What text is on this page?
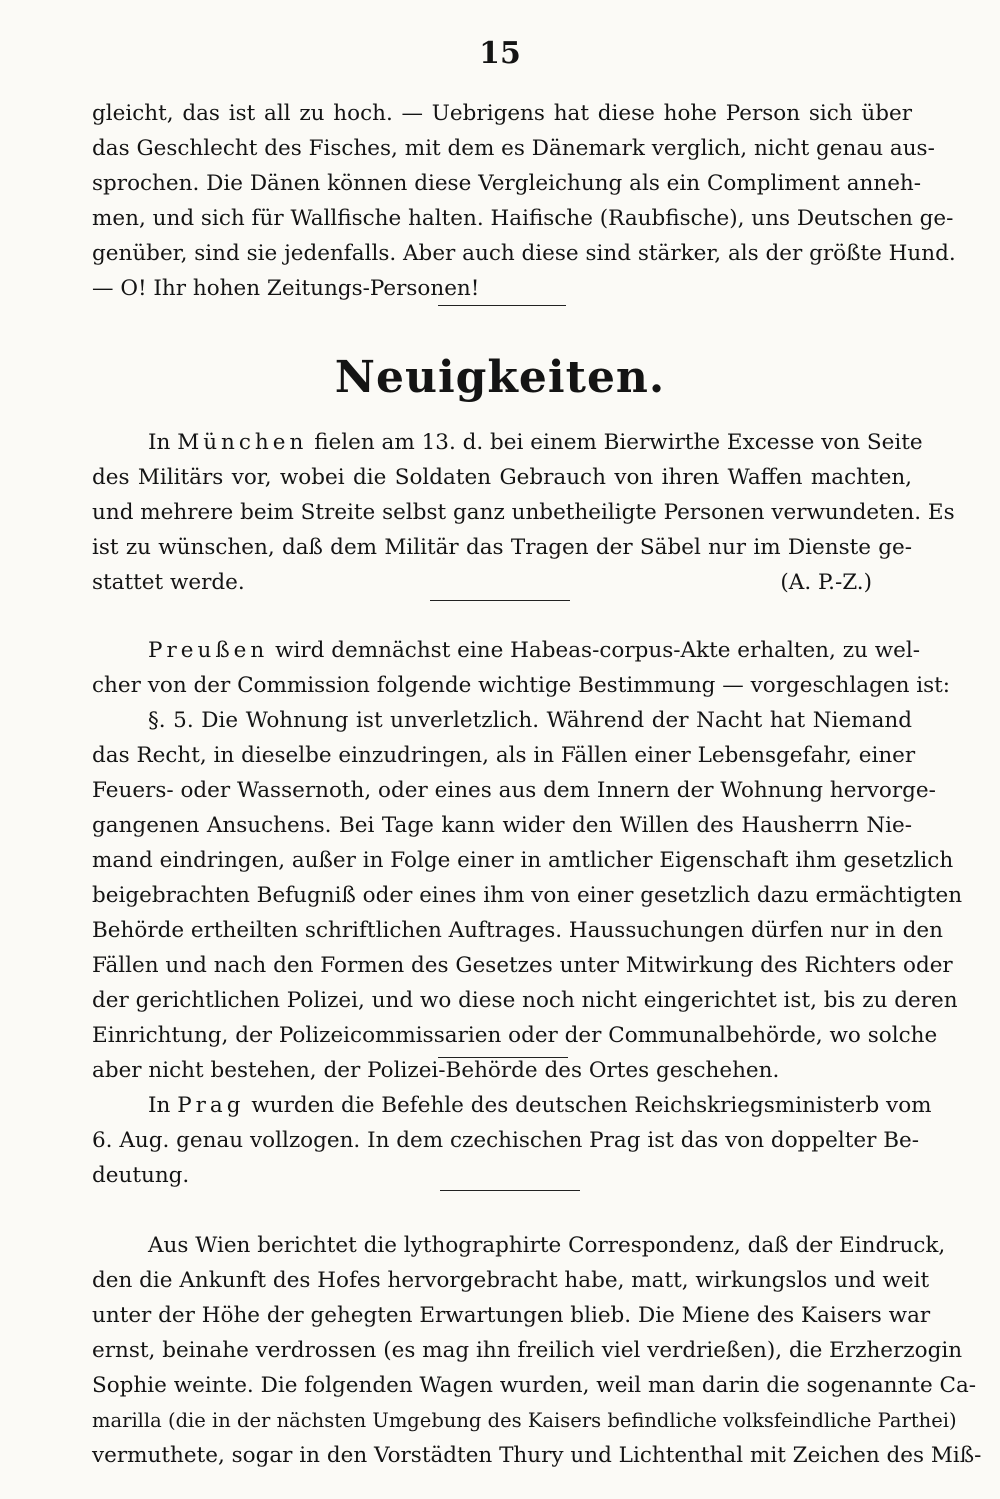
15
gleicht, das ist all zu hoch. — Uebrigens hat diese hohe Person sich über
das Geschlecht des Fisches, mit dem es Dänemark verglich, nicht genau aus-
sprochen. Die Dänen können diese Vergleichung als ein Compliment anneh-
men, und sich für Wallfische halten. Haifische (Raubfische), uns Deutschen ge-
genüber, sind sie jedenfalls. Aber auch diese sind stärker, als der größte Hund.
— O! Ihr hohen Zeitungs-Personen!
Neuigkeiten.
In München fielen am 13. d. bei einem Bierwirthe Excesse von Seite
des Militärs vor, wobei die Soldaten Gebrauch von ihren Waffen machten,
und mehrere beim Streite selbst ganz unbetheiligte Personen verwundeten. Es
ist zu wünschen, daß dem Militär das Tragen der Säbel nur im Dienste ge-
stattet werde.	(A. P.-Z.)
Preußen wird demnächst eine Habeas-corpus-Akte erhalten, zu wel-
cher von der Commission folgende wichtige Bestimmung — vorgeschlagen ist:
§. 5. Die Wohnung ist unverletzlich. Während der Nacht hat Niemand
das Recht, in dieselbe einzudringen, als in Fällen einer Lebensgefahr, einer
Feuers- oder Wassernoth, oder eines aus dem Innern der Wohnung hervorge-
gangenen Ansuchens. Bei Tage kann wider den Willen des Hausherrn Nie-
mand eindringen, außer in Folge einer in amtlicher Eigenschaft ihm gesetzlich
beigebrachten Befugniß oder eines ihm von einer gesetzlich dazu ermächtigten
Behörde ertheilten schriftlichen Auftrages. Haussuchungen dürfen nur in den
Fällen und nach den Formen des Gesetzes unter Mitwirkung des Richters oder
der gerichtlichen Polizei, und wo diese noch nicht eingerichtet ist, bis zu deren
Einrichtung, der Polizeicommissarien oder der Communalbehörde, wo solche
aber nicht bestehen, der Polizei-Behörde des Ortes geschehen.
In Prag wurden die Befehle des deutschen Reichskriegsministerb vom
6. Aug. genau vollzogen. In dem czechischen Prag ist das von doppelter Be-
deutung.
Aus Wien berichtet die lythographirte Correspondenz, daß der Eindruck,
den die Ankunft des Hofes hervorgebracht habe, matt, wirkungslos und weit
unter der Höhe der gehegten Erwartungen blieb. Die Miene des Kaisers war
ernst, beinahe verdrossen (es mag ihn freilich viel verdrießen), die Erzherzogin
Sophie weinte. Die folgenden Wagen wurden, weil man darin die sogenannte Ca-
marilla (die in der nächsten Umgebung des Kaisers befindliche volksfeindliche Parthei)
vermuthete, sogar in den Vorstädten Thury und Lichtenthal mit Zeichen des Miß-
